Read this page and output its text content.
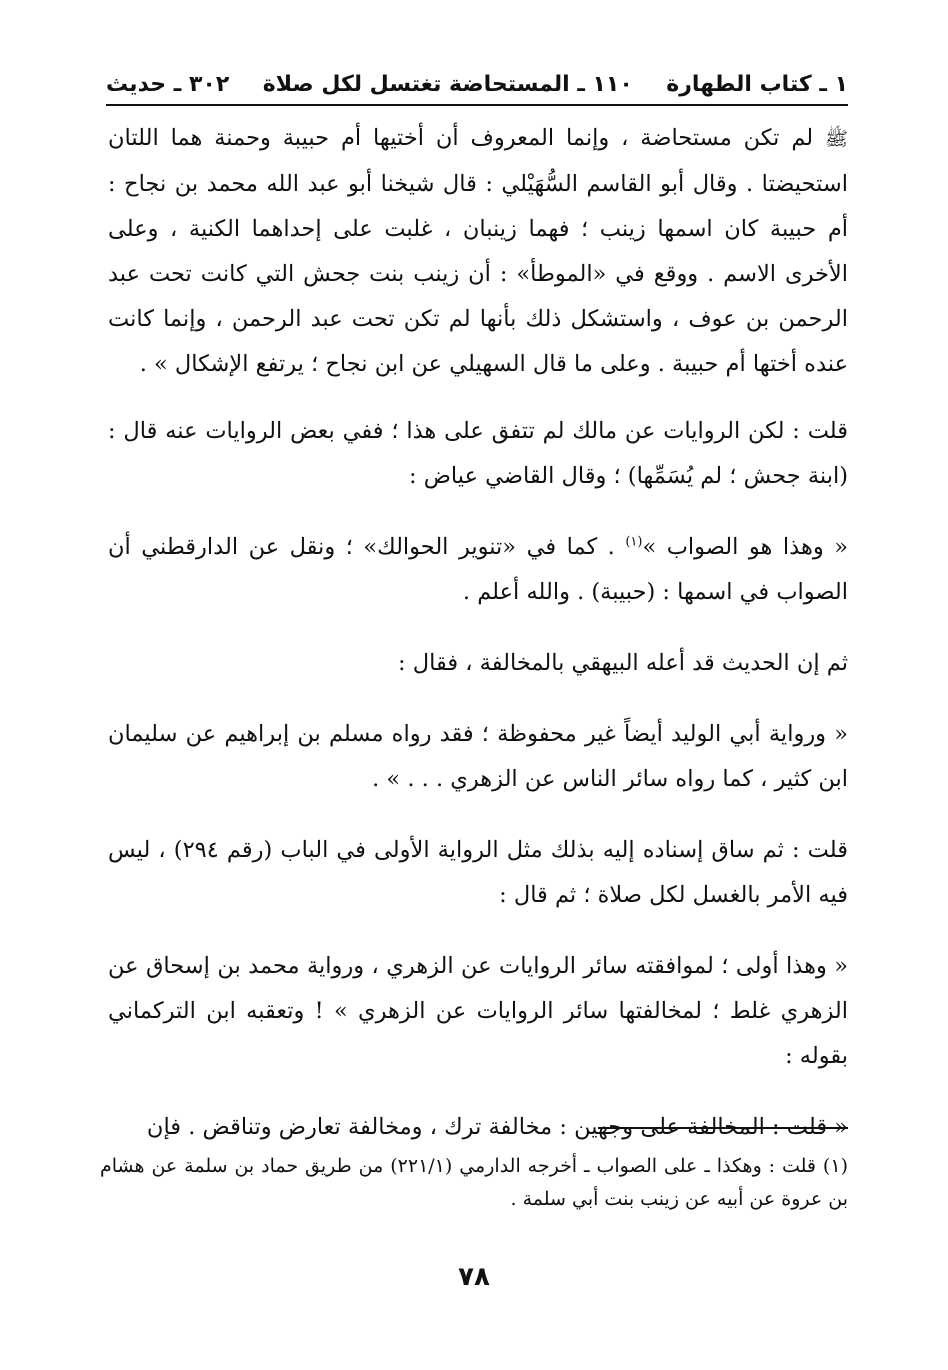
١ ـ كتاب الطهارة
١١٠ ـ المستحاضة تغتسل لكل صلاة
٣٠٢ ـ حديث

ﷺ لم تكن مستحاضة ، وإنما المعروف أن أختيها أم حبيبة وحمنة هما اللتان استحيضتا . وقال أبو القاسم السُّهَيْلي : قال شيخنا أبو عبد الله محمد بن نجاح : أم حبيبة كان اسمها زينب ؛ فهما زينبان ، غلبت على إحداهما الكنية ، وعلى الأخرى الاسم . ووقع في «الموطأ» : أن زينب بنت جحش التي كانت تحت عبد الرحمن بن عوف ، واستشكل ذلك بأنها لم تكن تحت عبد الرحمن ، وإنما كانت عنده أختها أم حبيبة . وعلى ما قال السهيلي عن ابن نجاح ؛ يرتفع الإشكال » .

قلت : لكن الروايات عن مالك لم تتفق على هذا ؛ ففي بعض الروايات عنه قال : (ابنة جحش ؛ لم يُسَمِّها) ؛ وقال القاضي عياض :

« وهذا هو الصواب »$^{(١)}$ . كما في «تنوير الحوالك» ؛ ونقل عن الدارقطني أن الصواب في اسمها : (حبيبة) . والله أعلم .

ثم إن الحديث قد أعله البيهقي بالمخالفة ، فقال :

« ورواية أبي الوليد أيضاً غير محفوظة ؛ فقد رواه مسلم بن إبراهيم عن سليمان ابن كثير ، كما رواه سائر الناس عن الزهري . . . » .

قلت : ثم ساق إسناده إليه بذلك مثل الرواية الأولى في الباب (رقم ٢٩٤) ، ليس فيه الأمر بالغسل لكل صلاة ؛ ثم قال :

« وهذا أولى ؛ لموافقته سائر الروايات عن الزهري ، ورواية محمد بن إسحاق عن الزهري غلط ؛ لمخالفتها سائر الروايات عن الزهري » ! وتعقبه ابن التركماني بقوله :

« قلت : المخالفة على وجهين : مخالفة ترك ، ومخالفة تعارض وتناقض . فإن

(١) قلت : وهكذا ـ على الصواب ـ أخرجه الدارمي (٢٢١/١) من طريق حماد بن سلمة عن هشام بن عروة عن أبيه عن زينب بنت أبي سلمة .
٧٨
